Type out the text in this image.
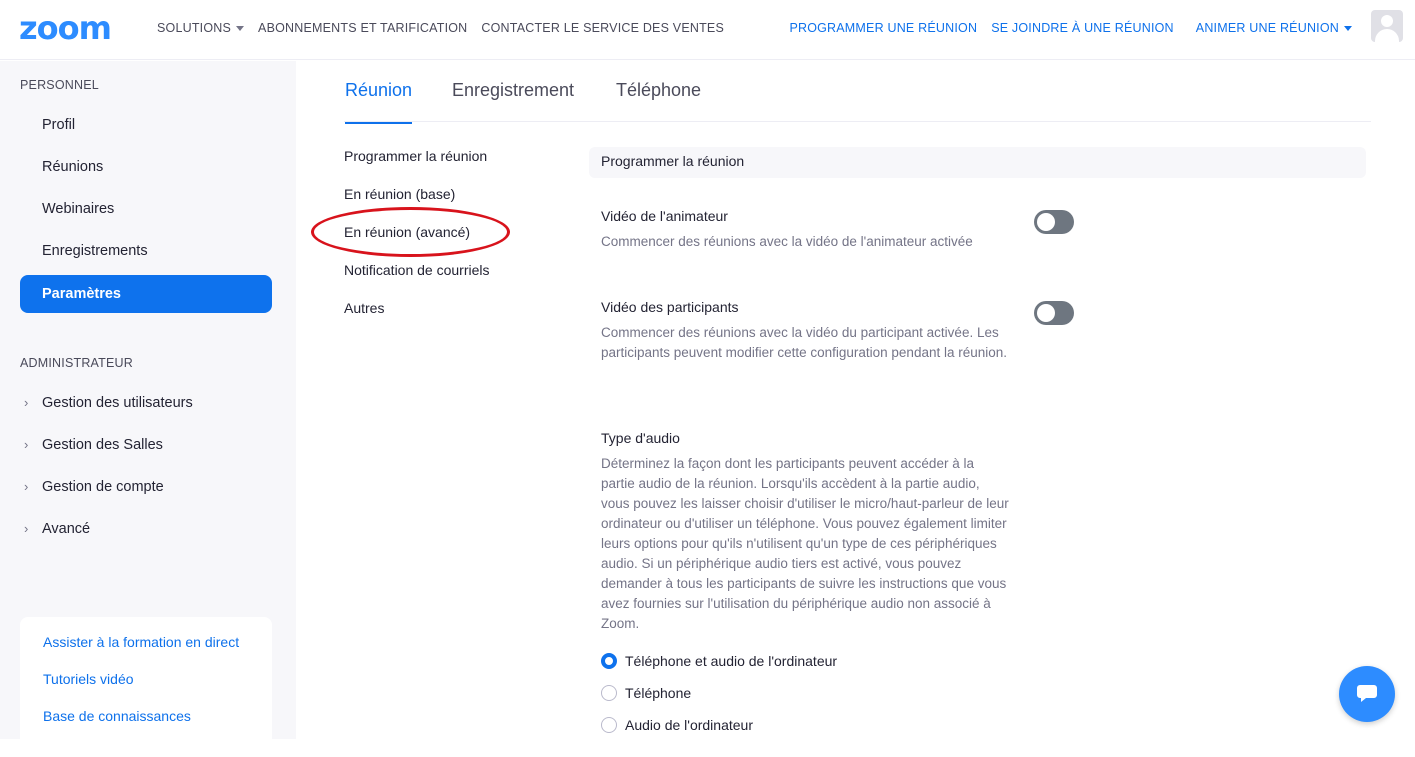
zoom	SOLUTIONS	ABONNEMENTS ET TARIFICATION CONTACTER LE SERVICE DES VENTES	PROGRAMMER UNE RÉUNION SE JOINDRE À UNE RÉUNION ANIMER UNE RÉUNION
PERSONNEL
Profil
Réunions
Webinaires
Enregistrements
Paramètres
ADMINISTRATEUR
› Gestion des utilisateurs
› Gestion des Salles
› Gestion de compte
› Avancé
Assister à la formation en direct
Tutoriels vidéo
Base de connaissances
Réunion Enregistrement Téléphone
Programmer la réunion
En réunion (base)
En réunion (avancé)
Notification de courriels
Autres
Programmer la réunion
Vidéo de l'animateur
Commencer des réunions avec la vidéo de l'animateur activée
Vidéo des participants
Commencer des réunions avec la vidéo du participant activée. Les participants peuvent modifier cette configuration pendant la réunion.
Type d'audio
Déterminez la façon dont les participants peuvent accéder à la partie audio de la réunion. Lorsqu'ils accèdent à la partie audio, vous pouvez les laisser choisir d'utiliser le micro/haut-parleur de leur ordinateur ou d'utiliser un téléphone. Vous pouvez également limiter leurs options pour qu'ils n'utilisent qu'un type de ces périphériques audio. Si un périphérique audio tiers est activé, vous pouvez demander à tous les participants de suivre les instructions que vous avez fournies sur l'utilisation du périphérique audio non associé à Zoom.
Téléphone et audio de l'ordinateur
Téléphone
Audio de l'ordinateur
